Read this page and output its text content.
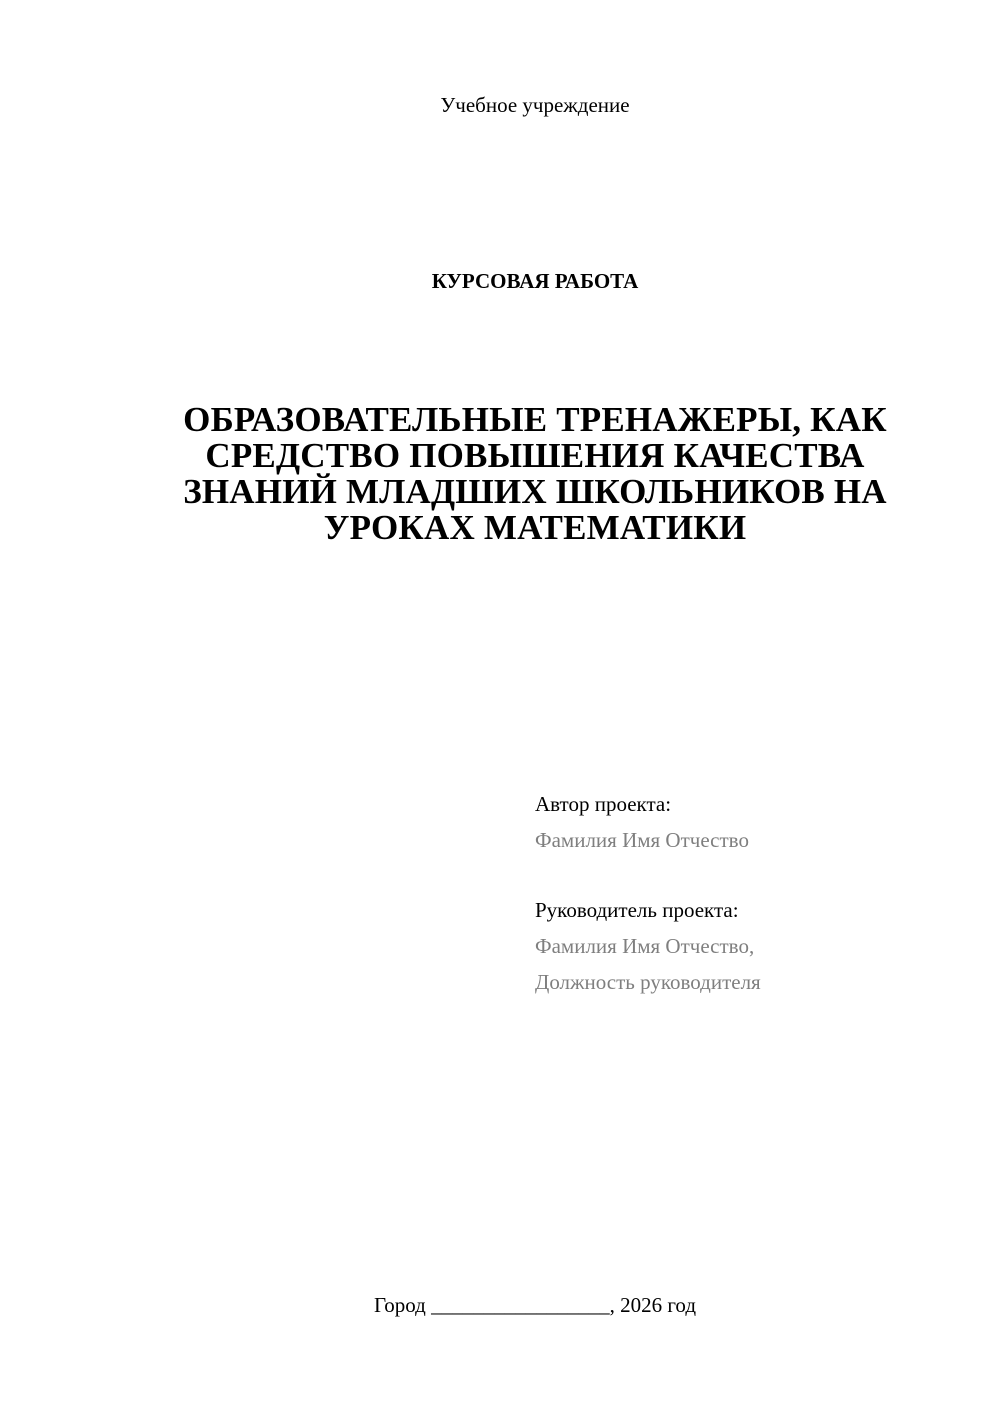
Учебное учреждение
КУРСОВАЯ РАБОТА
ОБРАЗОВАТЕЛЬНЫЕ ТРЕНАЖЕРЫ, КАК
СРЕДСТВО ПОВЫШЕНИЯ КАЧЕСТВА
ЗНАНИЙ МЛАДШИХ ШКОЛЬНИКОВ НА
УРОКАХ МАТЕМАТИКИ
Автор проекта:
Фамилия Имя Отчество
Руководитель проекта:
Фамилия Имя Отчество,
Должность руководителя
Город _________________, 2026 год
